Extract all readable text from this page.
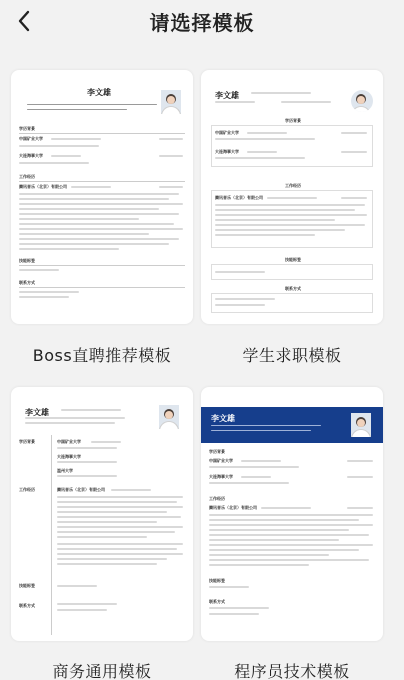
请选择模板
李文雄
学历背景
中国矿业大学
大连海事大学
工作经历
腾讯音乐（北京）有限公司
技能标签
联系方式
Boss直聘推荐模板
李文雄
学历背景
中国矿业大学
大连海事大学
工作经历
腾讯音乐（北京）有限公司
技能标签
联系方式
学生求职模板
李文雄
学历背景	中国矿业大学
大连海事大学
温州大学
工作经历	腾讯音乐（北京）有限公司
技能标签
联系方式
商务通用模板
李文雄
学历背景
中国矿业大学
大连海事大学
工作经历
腾讯音乐（北京）有限公司
技能标签
联系方式
程序员技术模板
